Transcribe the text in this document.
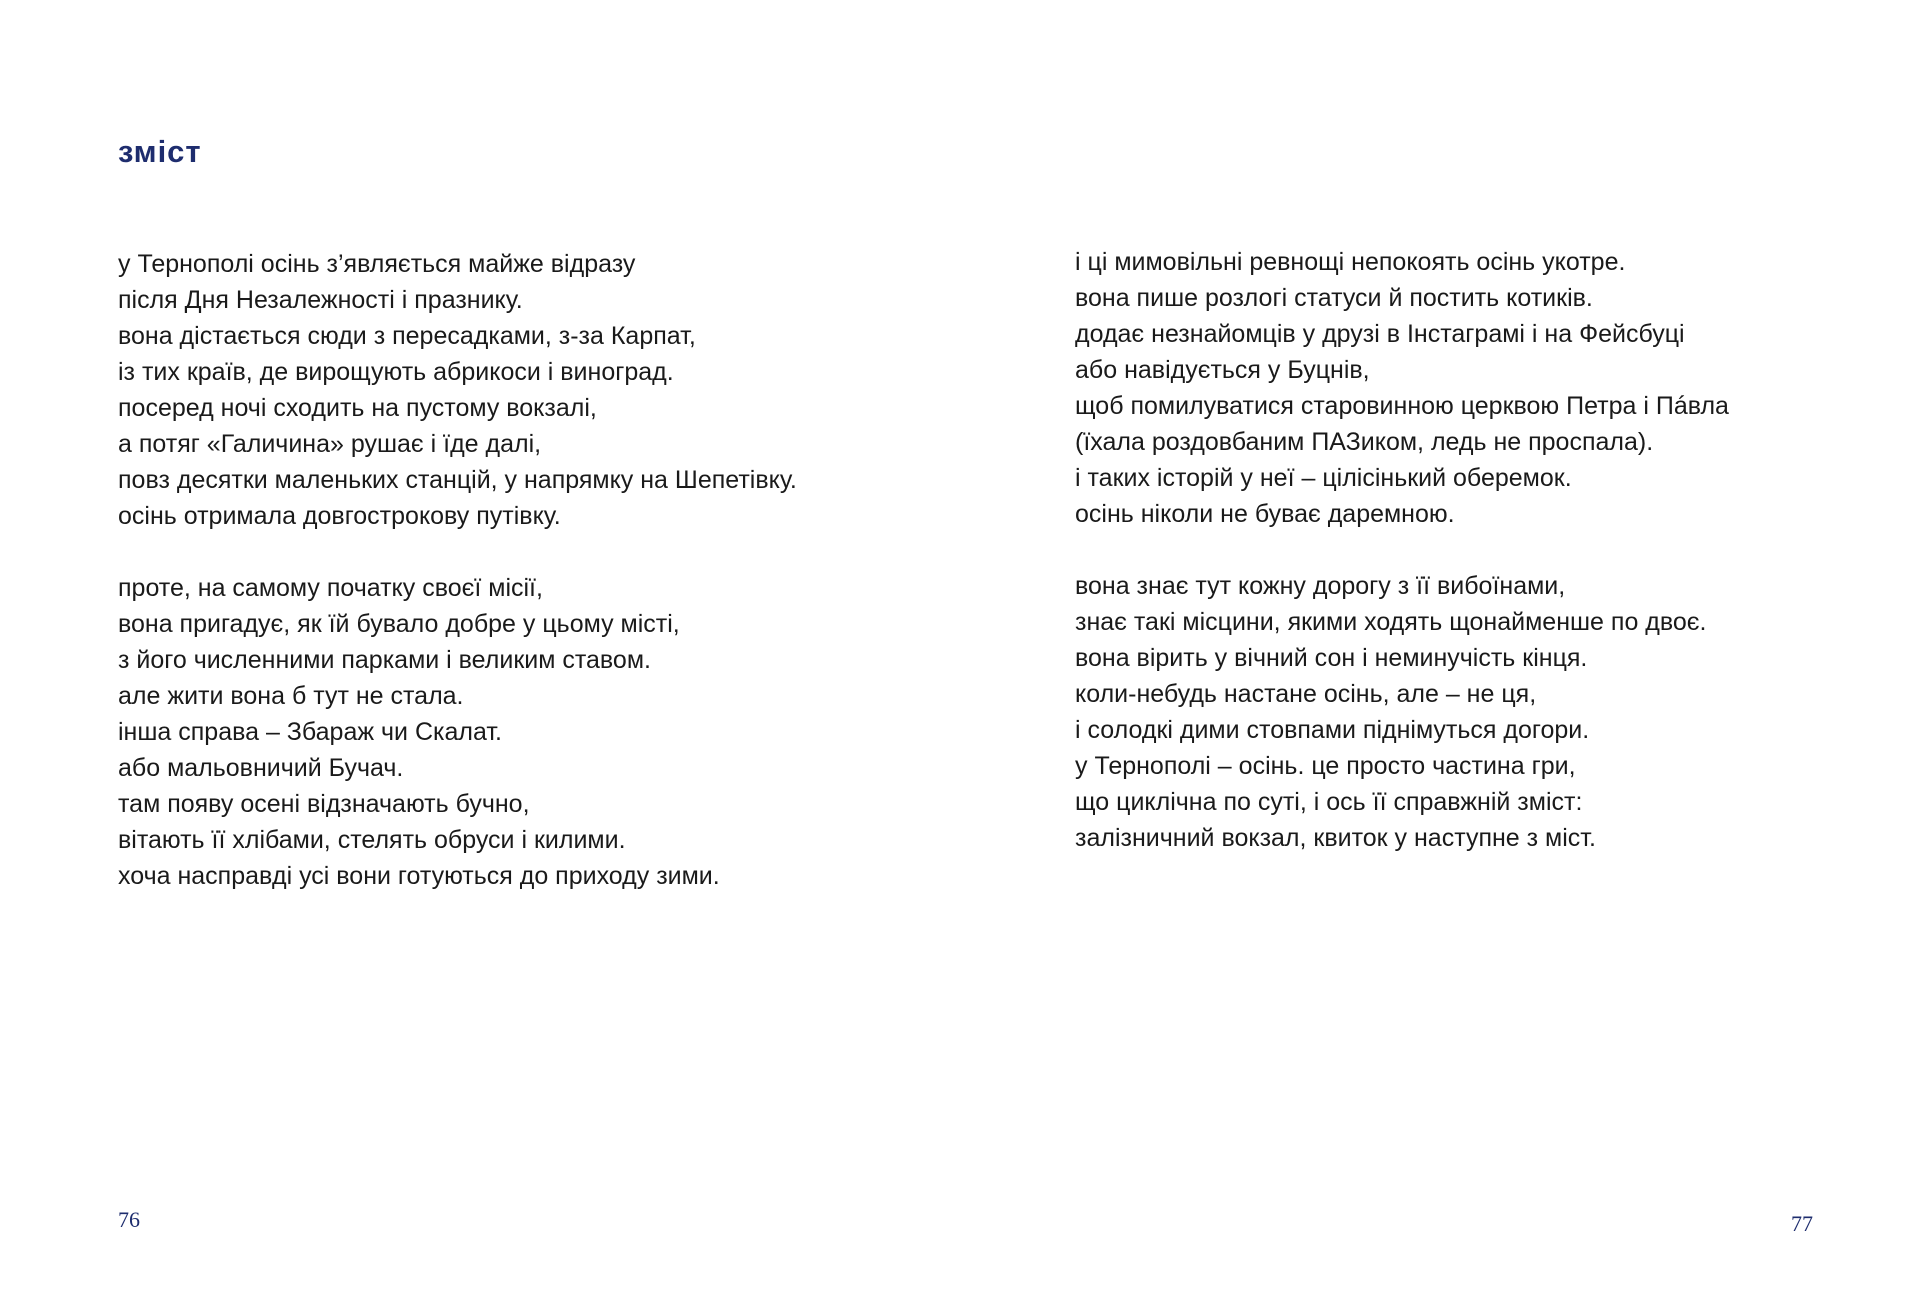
зміст
у Тернополі осінь з’являється майже відразу
після Дня Незалежності і празнику.
вона дістається сюди з пересадками, з-за Карпат,
із тих країв, де вирощують абрикоси і виноград.
посеред ночі сходить на пустому вокзалі,
а потяг «Галичина» рушає і їде далі,
повз десятки маленьких станцій, у напрямку на Шепетівку.
осінь отримала довгострокову путівку.
проте, на самому початку своєї місії,
вона пригадує, як їй бувало добре у цьому місті,
з його численними парками і великим ставом.
але жити вона б тут не стала.
інша справа – Збараж чи Скалат.
або мальовничий Бучач.
там появу осені відзначають бучно,
вітають її хлібами, стелять обруси і килими.
хоча насправді усі вони готуються до приходу зими.
і ці мимовільні ревнощі непокоять осінь укотре.
вона пише розлогі статуси й постить котиків.
додає незнайомців у друзі в Інстаграмі і на Фейсбуці
або навідується у Буцнів,
щоб помилуватися старовинною церквою Петра і Пáвла
(їхала роздовбаним ПАЗиком, ледь не проспала).
і таких історій у неї – цілісінький оберемок.
осінь ніколи не буває даремною.
вона знає тут кожну дорогу з її вибоїнами,
знає такі місцини, якими ходять щонайменше по двоє.
вона вірить у вічний сон і неминучість кінця.
коли-небудь настане осінь, але – не ця,
і солодкі дими стовпами піднімуться догори.
у Тернополі – осінь. це просто частина гри,
що циклічна по суті, і ось її справжній зміст:
залізничний вокзал, квиток у наступне з міст.
76	77
